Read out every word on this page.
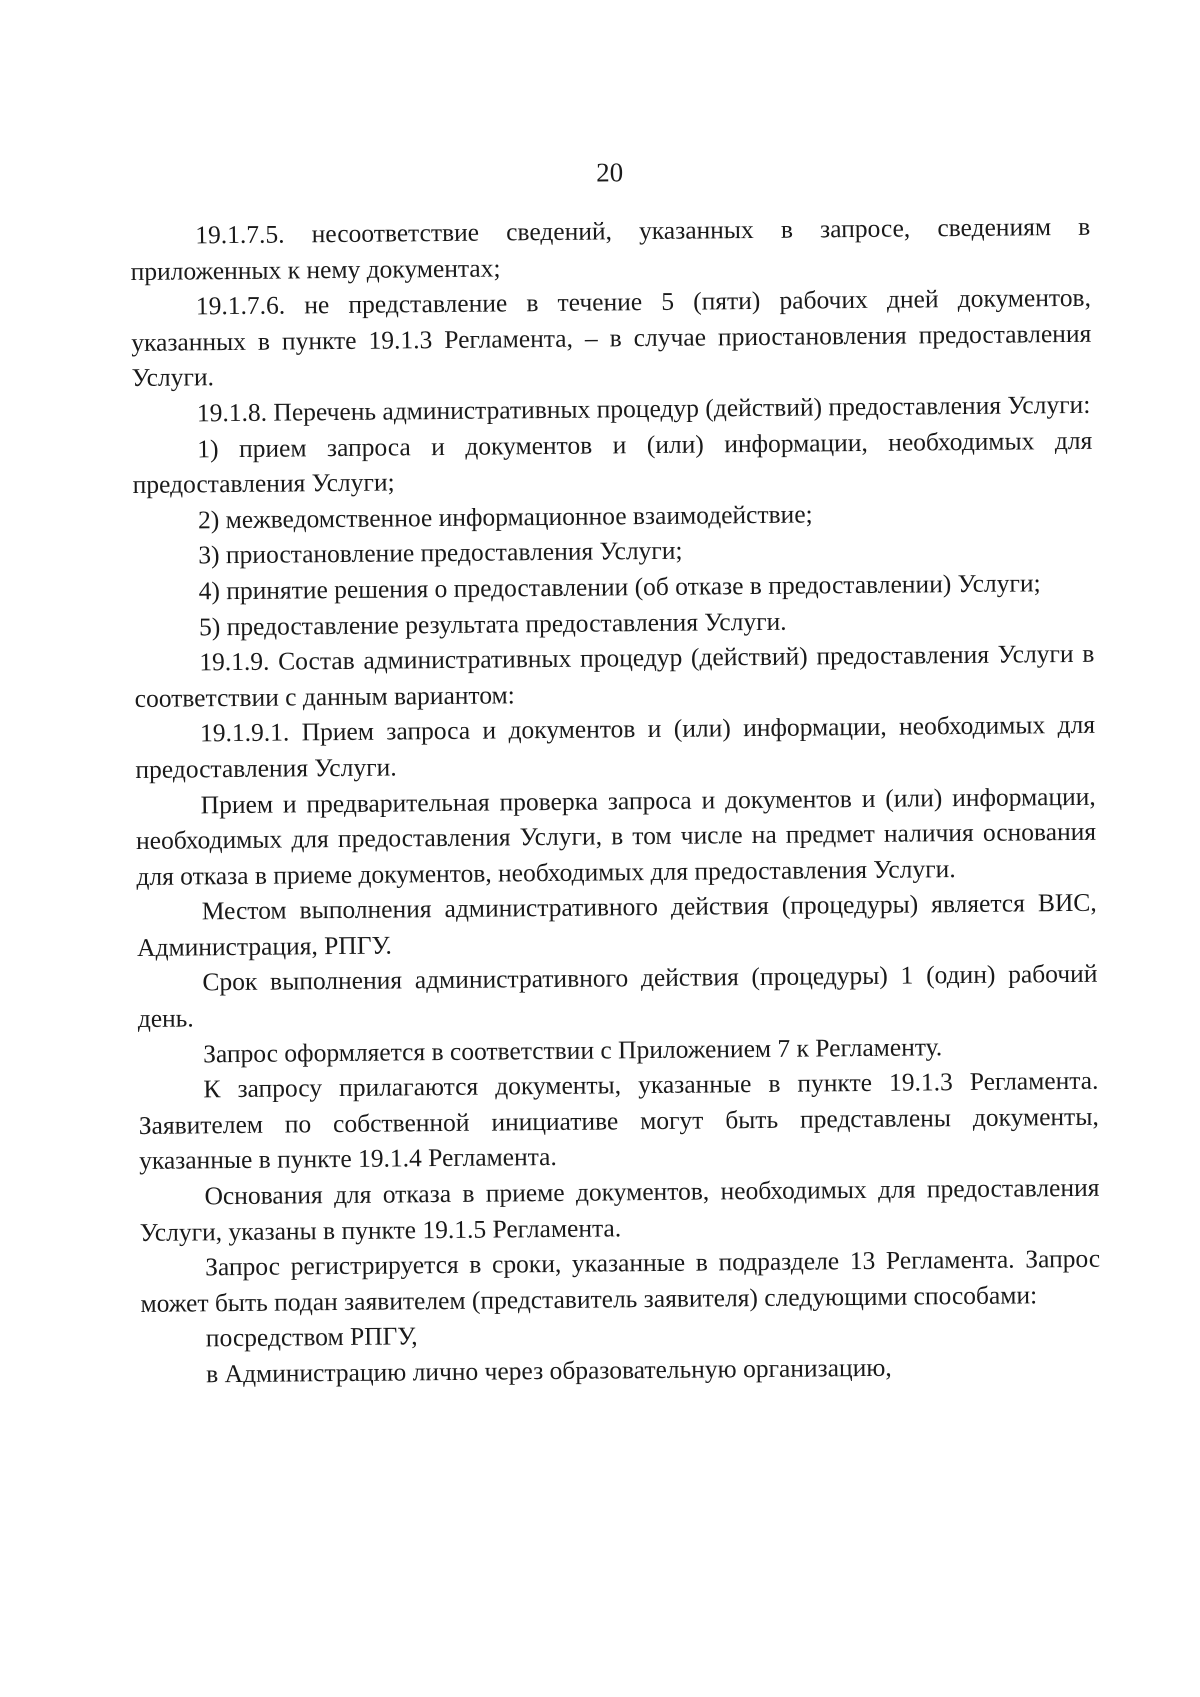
20

19.1.7.5. несоответствие сведений, указанных в запросе, сведениям в приложенных к нему документах;

19.1.7.6. не представление в течение 5 (пяти) рабочих дней документов, указанных в пункте 19.1.3 Регламента, – в случае приостановления предоставления Услуги.

19.1.8. Перечень административных процедур (действий) предоставления Услуги:

1) прием запроса и документов и (или) информации, необходимых для предоставления Услуги;

2) межведомственное информационное взаимодействие;

3) приостановление предоставления Услуги;

4) принятие решения о предоставлении (об отказе в предоставлении) Услуги;

5) предоставление результата предоставления Услуги.

19.1.9. Состав административных процедур (действий) предоставления Услуги в соответствии с данным вариантом:

19.1.9.1. Прием запроса и документов и (или) информации, необходимых для предоставления Услуги.

Прием и предварительная проверка запроса и документов и (или) информации, необходимых для предоставления Услуги, в том числе на предмет наличия основания для отказа в приеме документов, необходимых для предоставления Услуги.

Местом выполнения административного действия (процедуры) является ВИС, Администрация, РПГУ.

Срок выполнения административного действия (процедуры) 1 (один) рабочий день.

Запрос оформляется в соответствии с Приложением 7 к Регламенту.

К запросу прилагаются документы, указанные в пункте 19.1.3 Регламента. Заявителем по собственной инициативе могут быть представлены документы, указанные в пункте 19.1.4 Регламента.

Основания для отказа в приеме документов, необходимых для предоставления Услуги, указаны в пункте 19.1.5 Регламента.

Запрос регистрируется в сроки, указанные в подразделе 13 Регламента. Запрос может быть подан заявителем (представитель заявителя) следующими способами:

посредством РПГУ,

в Администрацию лично через образовательную организацию,
